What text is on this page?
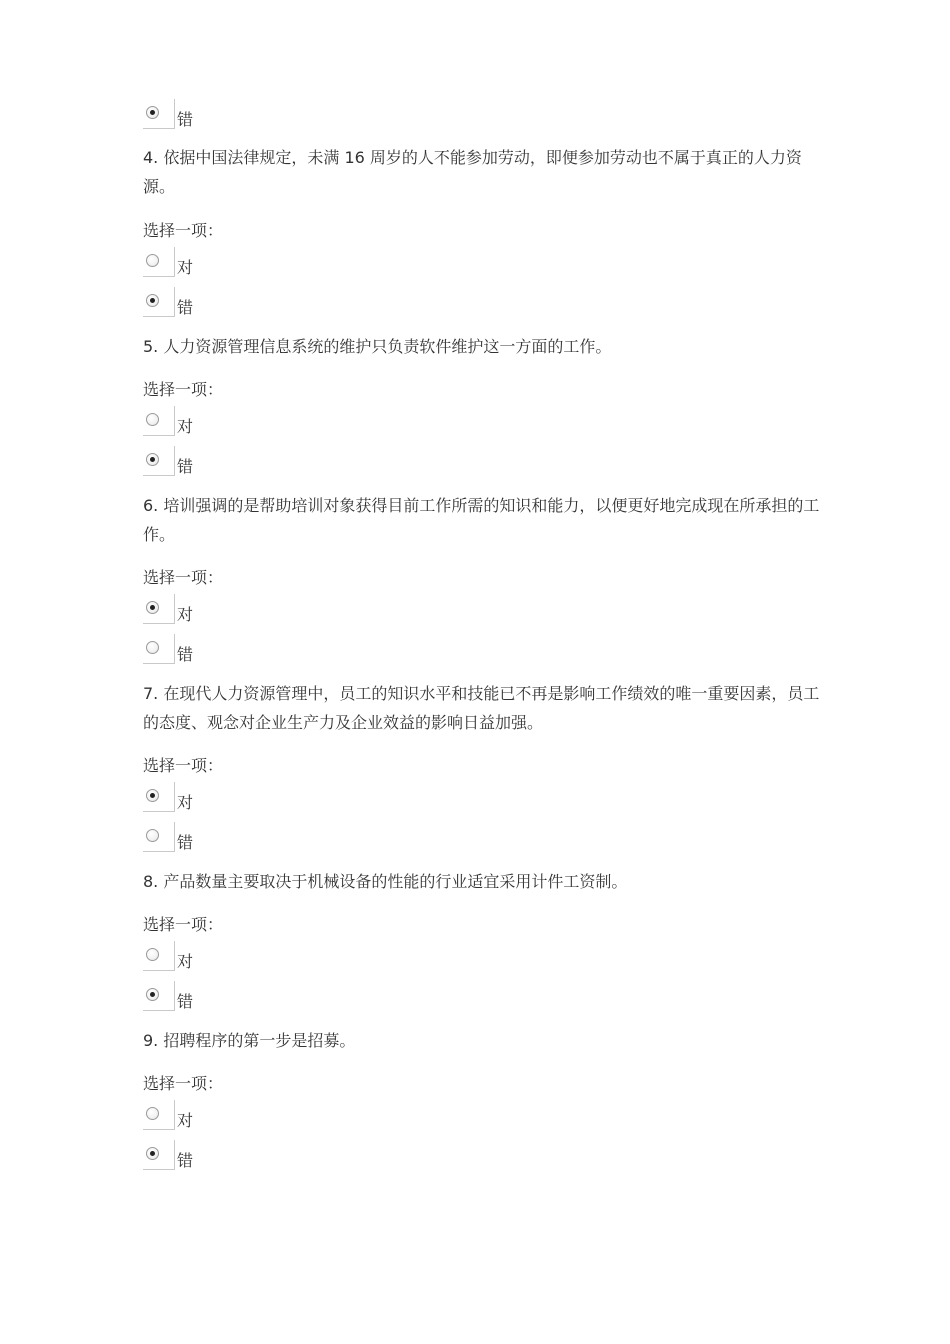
错
4. 依据中国法律规定，未满 16 周岁的人不能参加劳动，即便参加劳动也不属于真正的人力资源。
选择一项：
对
错
5. 人力资源管理信息系统的维护只负责软件维护这一方面的工作。
选择一项：
对
错
6. 培训强调的是帮助培训对象获得目前工作所需的知识和能力，以便更好地完成现在所承担的工作。
选择一项：
对
错
7. 在现代人力资源管理中，员工的知识水平和技能已不再是影响工作绩效的唯一重要因素，员工的态度、观念对企业生产力及企业效益的影响日益加强。
选择一项：
对
错
8. 产品数量主要取决于机械设备的性能的行业适宜采用计件工资制。
选择一项：
对
错
9. 招聘程序的第一步是招募。
选择一项：
对
错
